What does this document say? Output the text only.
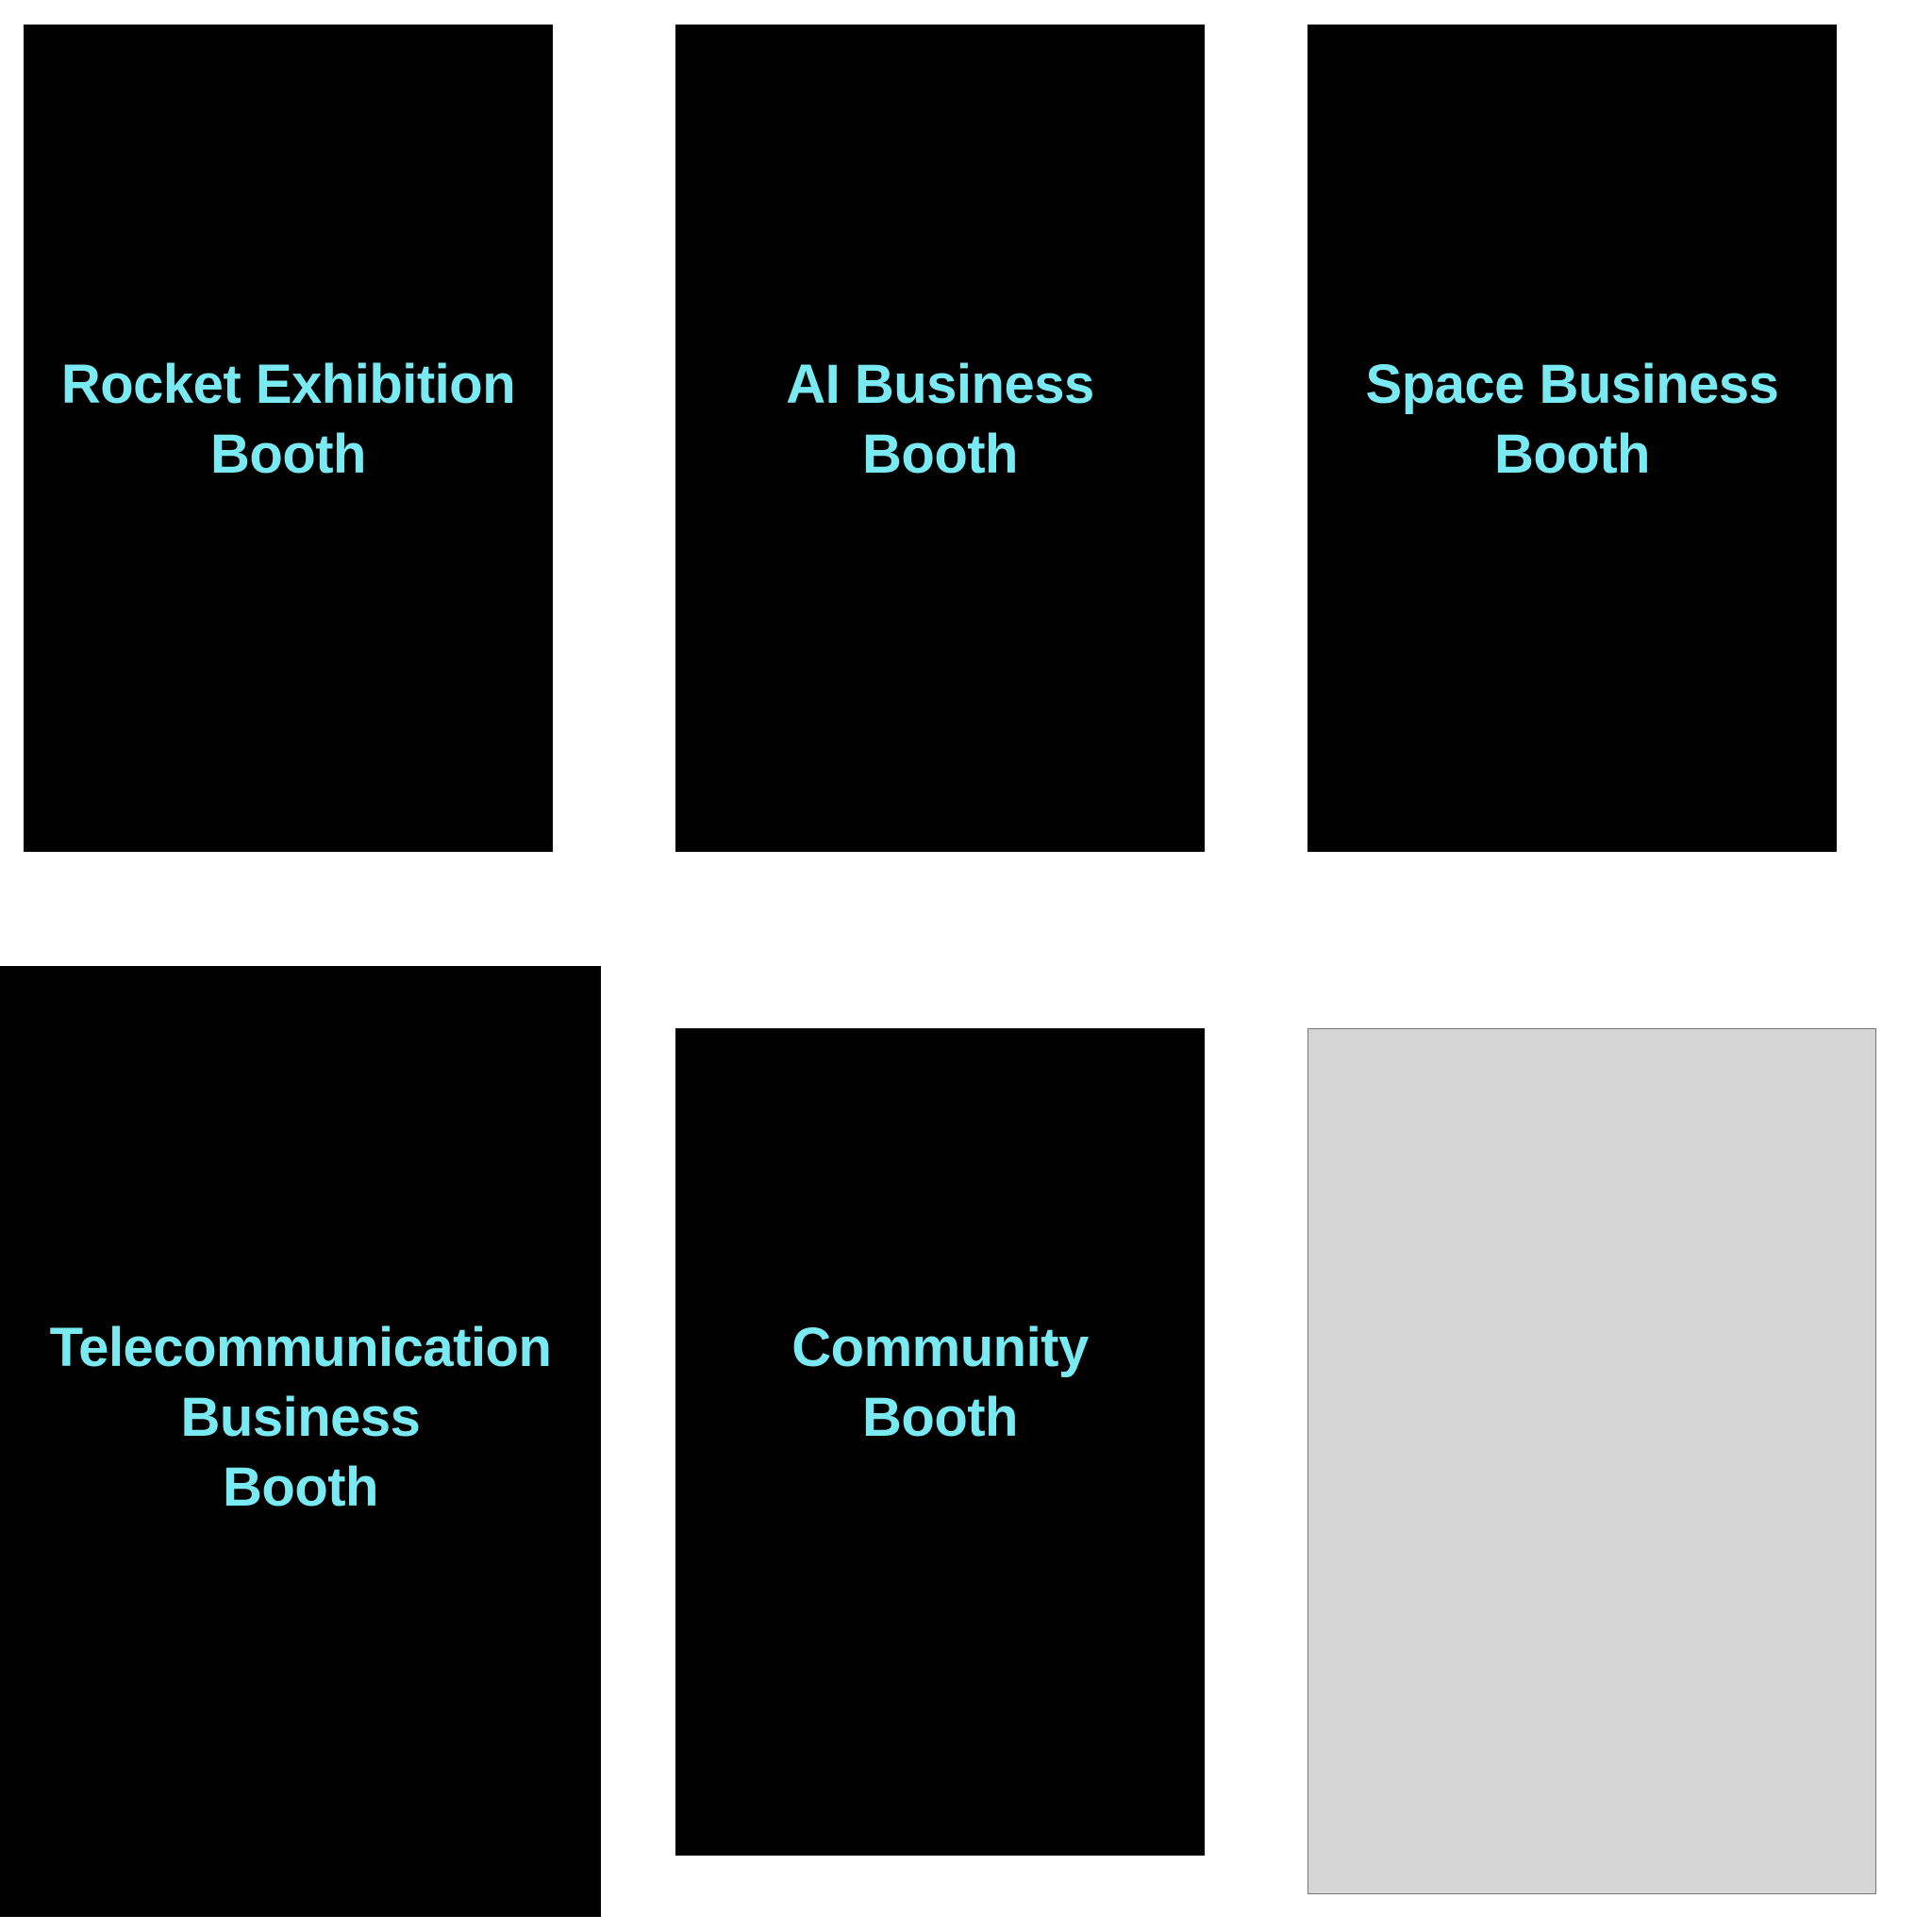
Rocket Exhibition
Booth
AI Business
Booth
Space Business
Booth
Telecommunication
Business
Booth
Community
Booth
